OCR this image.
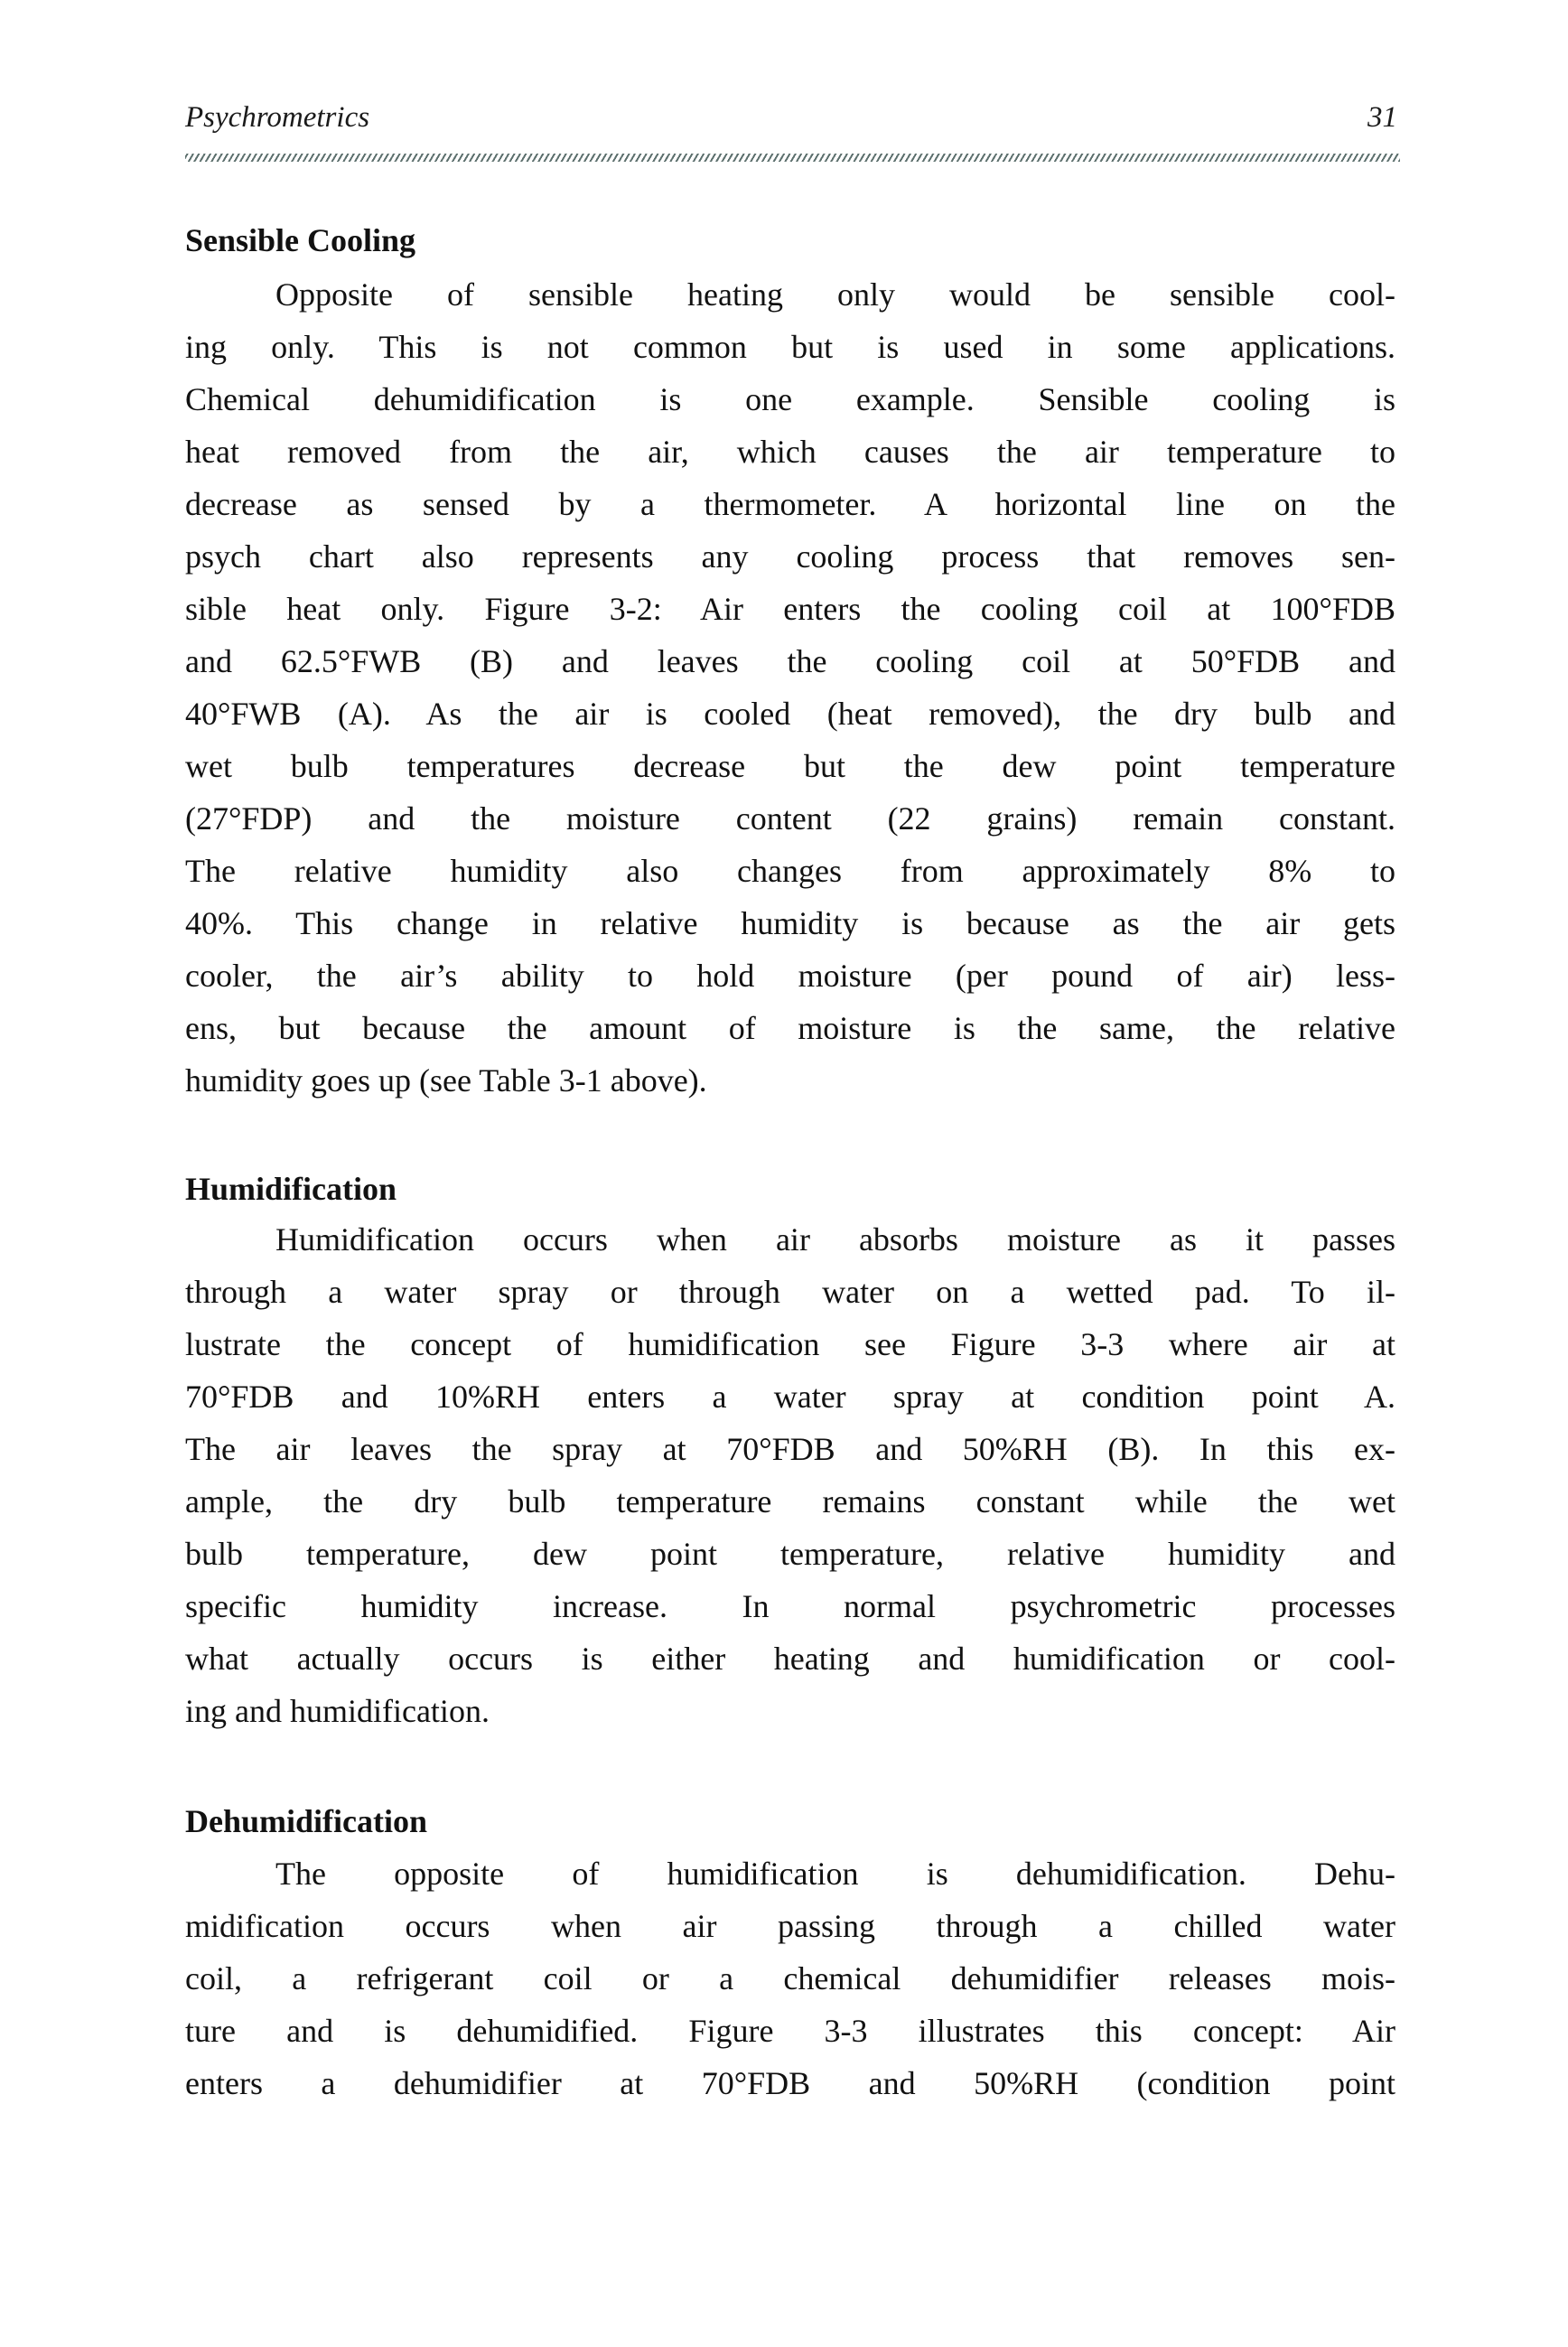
Psychrometrics	31
Sensible Cooling
Opposite of sensible heating only would be sensible cool-
ing only. This is not common but is used in some applications.
Chemical dehumidification is one example. Sensible cooling is
heat removed from the air, which causes the air temperature to
decrease as sensed by a thermometer. A horizontal line on the
psych chart also represents any cooling process that removes sen-
sible heat only. Figure 3-2: Air enters the cooling coil at 100°FDB
and 62.5°FWB (B) and leaves the cooling coil at 50°FDB and
40°FWB (A). As the air is cooled (heat removed), the dry bulb and
wet bulb temperatures decrease but the dew point temperature
(27°FDP) and the moisture content (22 grains) remain constant.
The relative humidity also changes from approximately 8% to
40%. This change in relative humidity is because as the air gets
cooler, the air’s ability to hold moisture (per pound of air) less-
ens, but because the amount of moisture is the same, the relative
humidity goes up (see Table 3-1 above).
Humidification
Humidification occurs when air absorbs moisture as it passes
through a water spray or through water on a wetted pad. To il-
lustrate the concept of humidification see Figure 3-3 where air at
70°FDB and 10%RH enters a water spray at condition point A.
The air leaves the spray at 70°FDB and 50%RH (B). In this ex-
ample, the dry bulb temperature remains constant while the wet
bulb temperature, dew point temperature, relative humidity and
specific humidity increase. In normal psychrometric processes
what actually occurs is either heating and humidification or cool-
ing and humidification.
Dehumidification
The opposite of humidification is dehumidification. Dehu-
midification occurs when air passing through a chilled water
coil, a refrigerant coil or a chemical dehumidifier releases mois-
ture and is dehumidified. Figure 3-3 illustrates this concept: Air
enters a dehumidifier at 70°FDB and 50%RH (condition point
